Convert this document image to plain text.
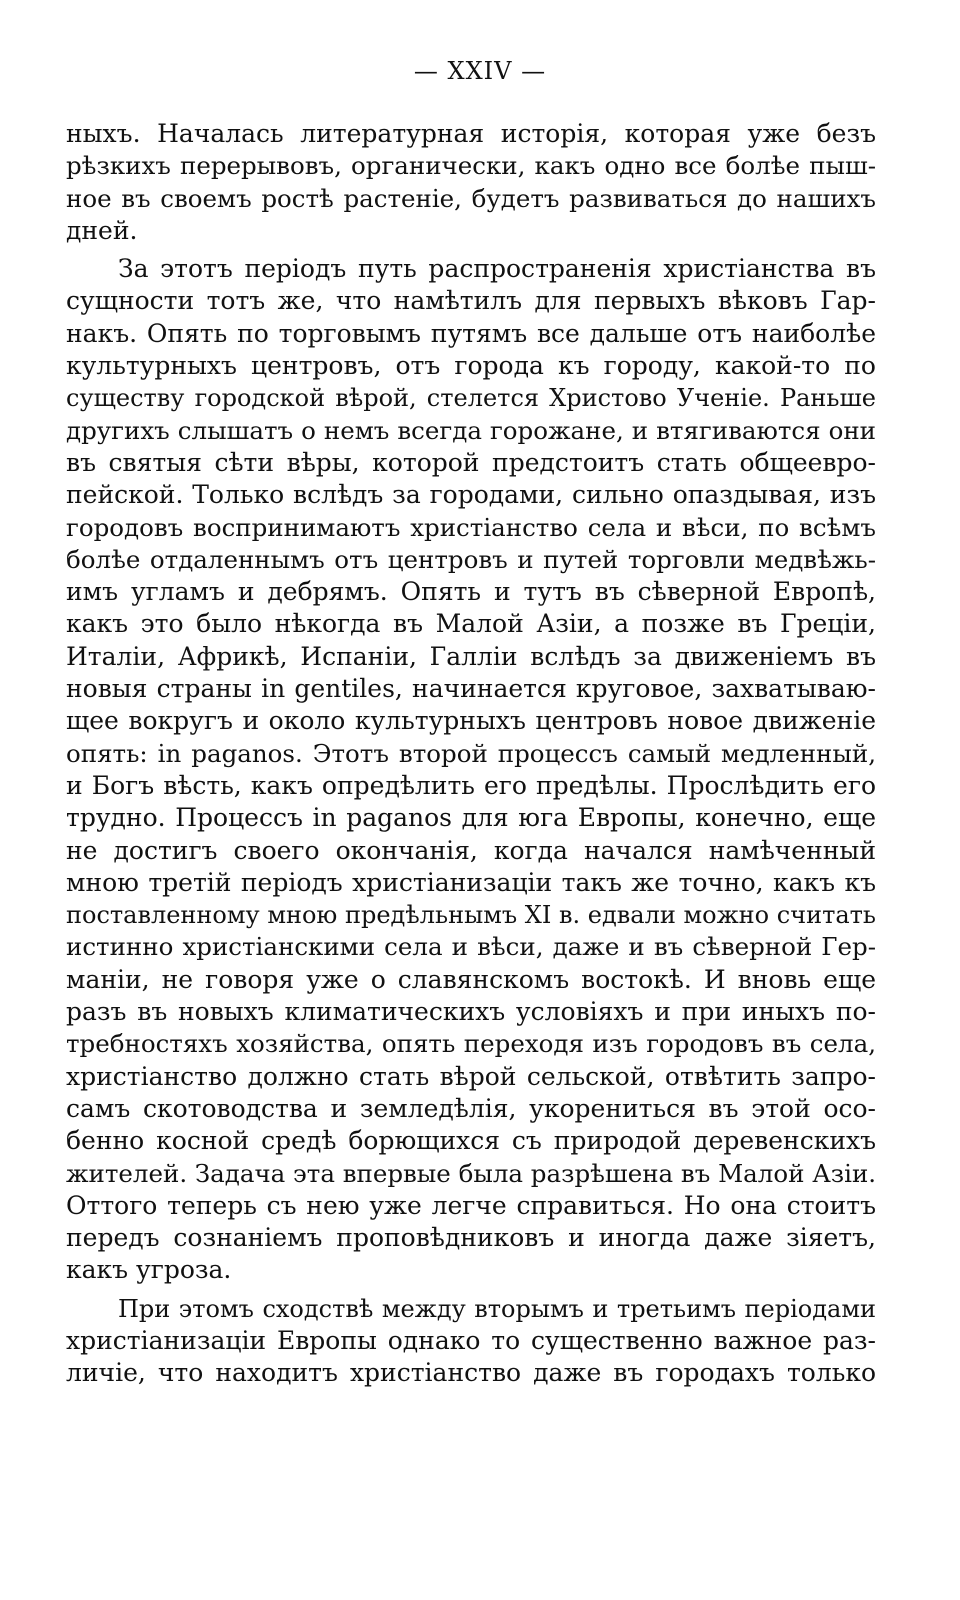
— XXIV —
ныхъ. Началась литературная исторія, которая уже безъ
рѣзкихъ перерывовъ, органически, какъ одно все болѣе пыш-
ное въ своемъ ростѣ растеніе, будетъ развиваться до нашихъ
дней.
За этотъ періодъ путь распространенія христіанства въ
сущности тотъ же, что намѣтилъ для первыхъ вѣковъ Гар-
накъ. Опять по торговымъ путямъ все дальше отъ наиболѣе
культурныхъ центровъ, отъ города къ городу, какой-то по
существу городской вѣрой, стелется Христово Ученіе. Раньше
другихъ слышатъ о немъ всегда горожане, и втягиваются они
въ святыя сѣти вѣры, которой предстоитъ стать общеевро-
пейской. Только вслѣдъ за городами, сильно опаздывая, изъ
городовъ воспринимаютъ христіанство села и вѣси, по всѣмъ
болѣе отдаленнымъ отъ центровъ и путей торговли медвѣжь-
имъ угламъ и дебрямъ. Опять и тутъ въ сѣверной Европѣ,
какъ это было нѣкогда въ Малой Азіи, а позже въ Греціи,
Италіи, Африкѣ, Испаніи, Галліи вслѣдъ за движеніемъ въ
новыя страны in gentiles, начинается круговое, захватываю-
щее вокругъ и около культурныхъ центровъ новое движеніе
опять: in paganos. Этотъ второй процессъ самый медленный,
и Богъ вѣсть, какъ опредѣлить его предѣлы. Прослѣдить его
трудно. Процессъ in paganos для юга Европы, конечно, еще
не достигъ своего окончанія, когда начался намѣченный
мною третій періодъ христіанизаціи такъ же точно, какъ къ
поставленному мною предѣльнымъ XI в. едвали можно считать
истинно христіанскими села и вѣси, даже и въ сѣверной Гер-
маніи, не говоря уже о славянскомъ востокѣ. И вновь еще
разъ въ новыхъ климатическихъ условіяхъ и при иныхъ по-
требностяхъ хозяйства, опять переходя изъ городовъ въ села,
христіанство должно стать вѣрой сельской, отвѣтить запро-
самъ скотоводства и земледѣлія, укорениться въ этой осо-
бенно косной средѣ борющихся съ природой деревенскихъ
жителей. Задача эта впервые была разрѣшена въ Малой Азіи.
Оттого теперь съ нею уже легче справиться. Но она стоитъ
передъ сознаніемъ проповѣдниковъ и иногда даже зіяетъ,
какъ угроза.
При этомъ сходствѣ между вторымъ и третьимъ періодами
христіанизаціи Европы однако то существенно важное раз-
личіе, что находитъ христіанство даже въ городахъ только
